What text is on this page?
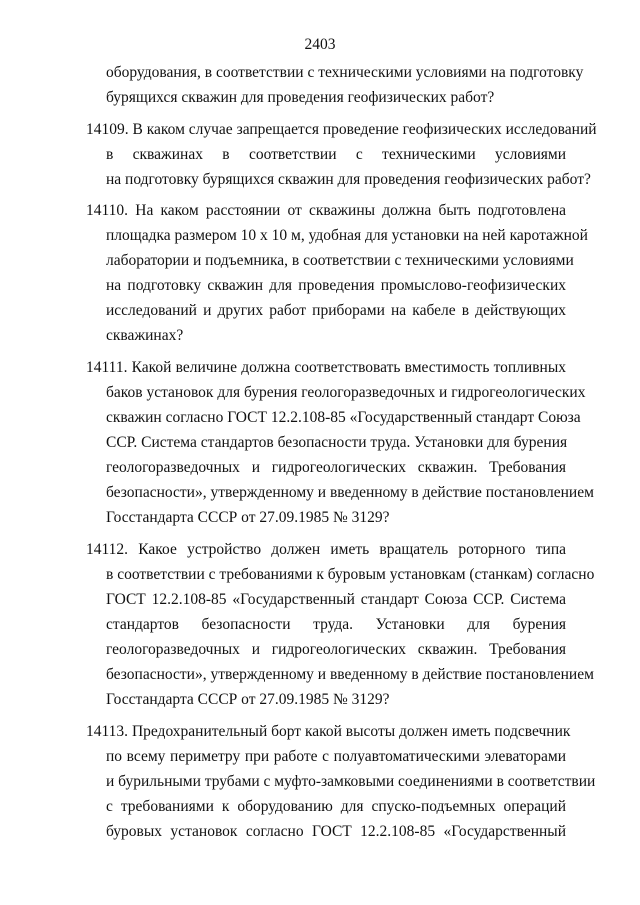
2403
оборудования, в соответствии с техническими условиями на подготовку
бурящихся скважин для проведения геофизических работ?
14109. В каком случае запрещается проведение геофизических исследований
в скважинах в соответствии с техническими условиями
на подготовку бурящихся скважин для проведения геофизических работ?
14110. На каком расстоянии от скважины должна быть подготовлена
площадка размером 10 х 10 м, удобная для установки на ней каротажной
лаборатории и подъемника, в соответствии с техническими условиями
на подготовку скважин для проведения промыслово-геофизических
исследований и других работ приборами на кабеле в действующих
скважинах?
14111. Какой величине должна соответствовать вместимость топливных
баков установок для бурения геологоразведочных и гидрогеологических
скважин согласно ГОСТ 12.2.108-85 «Государственный стандарт Союза
ССР. Система стандартов безопасности труда. Установки для бурения
геологоразведочных и гидрогеологических скважин. Требования
безопасности», утвержденному и введенному в действие постановлением
Госстандарта СССР от 27.09.1985 № 3129?
14112. Какое устройство должен иметь вращатель роторного типа
в соответствии с требованиями к буровым установкам (станкам) согласно
ГОСТ 12.2.108-85 «Государственный стандарт Союза ССР. Система
стандартов безопасности труда. Установки для бурения
геологоразведочных и гидрогеологических скважин. Требования
безопасности», утвержденному и введенному в действие постановлением
Госстандарта СССР от 27.09.1985 № 3129?
14113. Предохранительный борт какой высоты должен иметь подсвечник
по всему периметру при работе с полуавтоматическими элеваторами
и бурильными трубами с муфто-замковыми соединениями в соответствии
с требованиями к оборудованию для спуско-подъемных операций
буровых установок согласно ГОСТ 12.2.108-85 «Государственный
